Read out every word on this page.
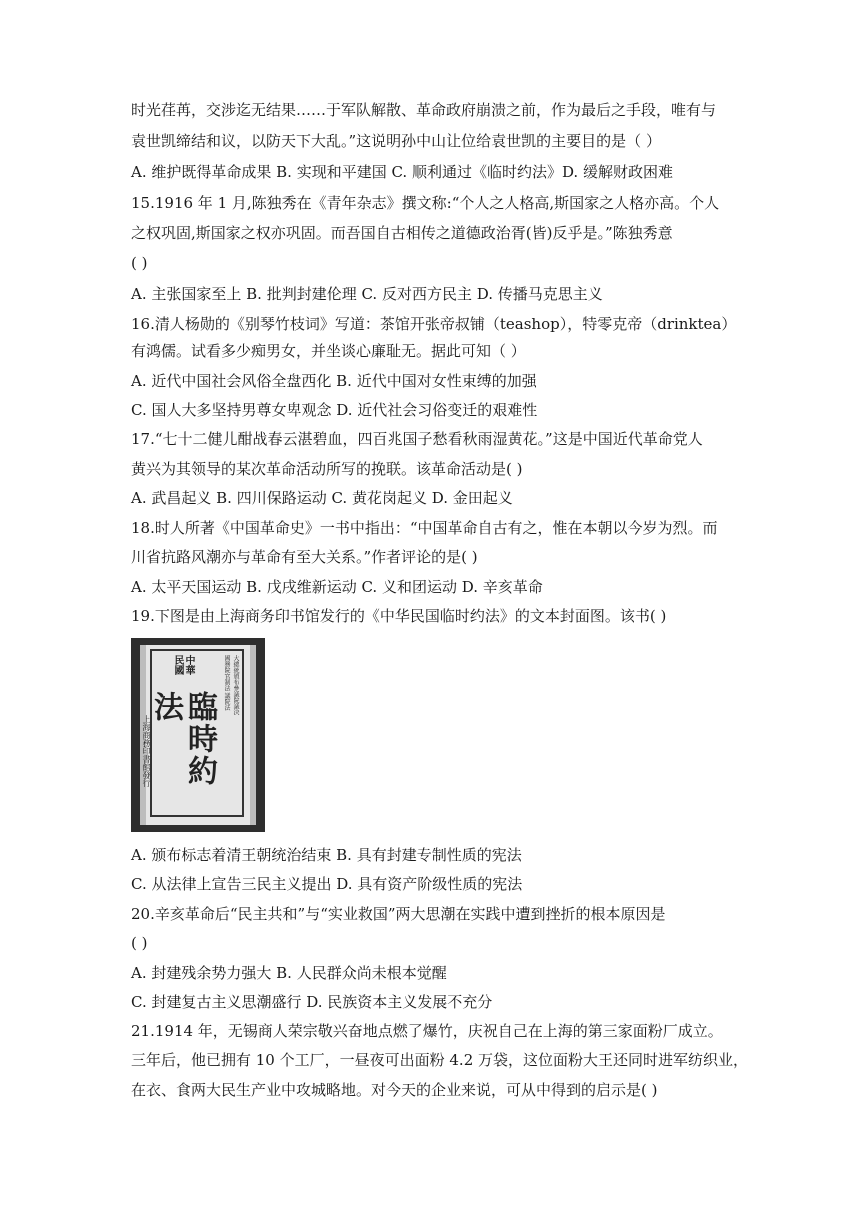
时光荏苒，交涉迄无结果……于军队解散、革命政府崩溃之前，作为最后之手段，唯有与
袁世凯缔结和议，以防天下大乱。”这说明孙中山让位给袁世凯的主要目的是（ ）
A. 维护既得革命成果 B. 实现和平建国 C. 顺利通过《临时约法》D. 缓解财政困难
15.1916 年 1 月,陈独秀在《青年杂志》撰文称:“个人之人格高,斯国家之人格亦高。个人
之权巩固,斯国家之权亦巩固。而吾国自古相传之道德政治胥(皆)反乎是。”陈独秀意
( )
A. 主张国家至上 B. 批判封建伦理 C. 反对西方民主 D. 传播马克思主义
16.清人杨勋的《别琴竹枝词》写道：茶馆开张帝叔铺（teashop），特零克帝（drinktea）
有鸿儒。试看多少痴男女，并坐谈心廉耻无。据此可知（ ）
A. 近代中国社会风俗全盘西化 B. 近代中国对女性束缚的加强
C. 国人大多坚持男尊女卑观念 D. 近代社会习俗变迁的艰难性
17.“七十二健儿酣战春云湛碧血，四百兆国子愁看秋雨湿黄花。”这是中国近代革命党人
黄兴为其领导的某次革命活动所写的挽联。该革命活动是( )
A. 武昌起义 B. 四川保路运动 C. 黄花岗起义 D. 金田起义
18.时人所著《中国革命史》一书中指出：“中国革命自古有之，惟在本朝以今岁为烈。而
川省抗路风潮亦与革命有至大关系。”作者评论的是( )
A. 太平天国运动 B. 戊戌维新运动 C. 义和团运动 D. 辛亥革命
19.下图是由上海商务印书馆发行的《中华民国临时约法》的文本封面图。该书( )
中華民國
臨時約法	大總統頒布參議院議決
國務院官制法 議院法
上海商務印書館發行
A. 颁布标志着清王朝统治结束 B. 具有封建专制性质的宪法
C. 从法律上宣告三民主义提出 D. 具有资产阶级性质的宪法
20.辛亥革命后“民主共和”与“实业救国”两大思潮在实践中遭到挫折的根本原因是
( )
A. 封建残余势力强大 B. 人民群众尚未根本觉醒
C. 封建复古主义思潮盛行 D. 民族资本主义发展不充分
21.1914 年，无锡商人荣宗敬兴奋地点燃了爆竹，庆祝自己在上海的第三家面粉厂成立。
三年后，他已拥有 10 个工厂，一昼夜可出面粉 4.2 万袋，这位面粉大王还同时进军纺织业，
在衣、食两大民生产业中攻城略地。对今天的企业来说，可从中得到的启示是( )
